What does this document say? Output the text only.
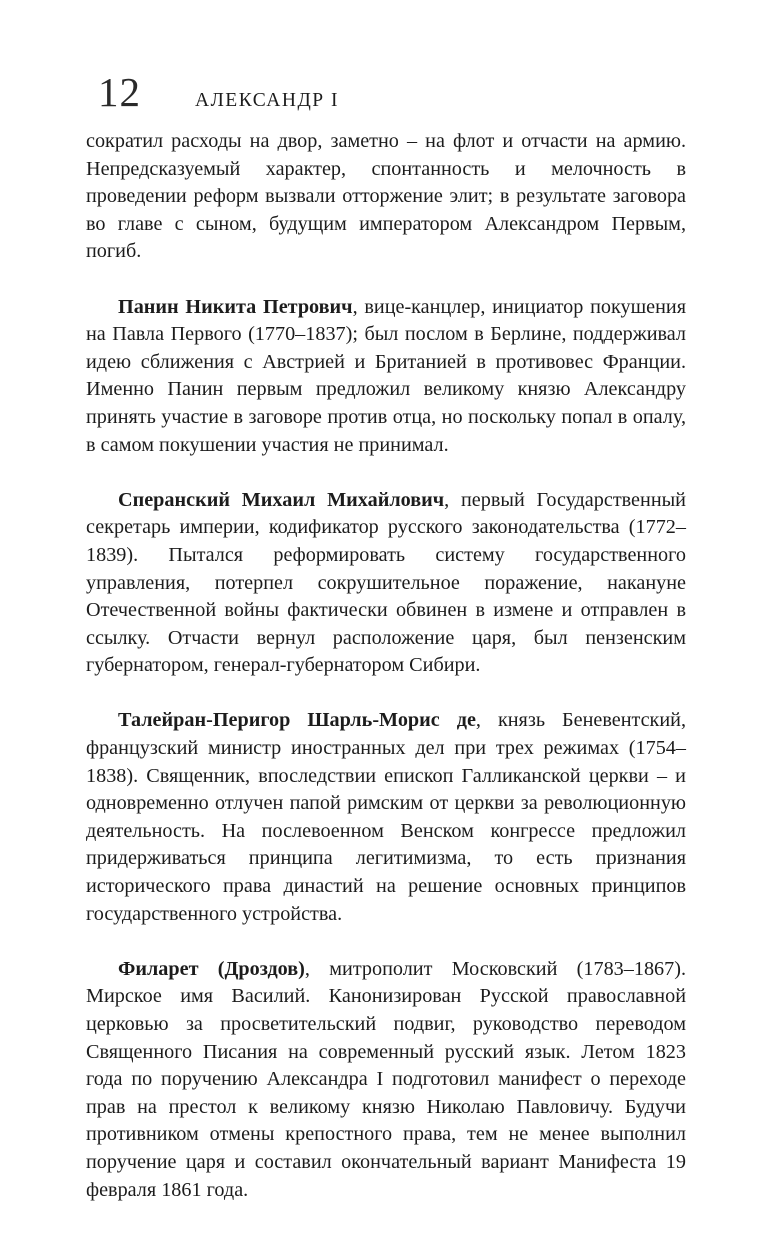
12	АЛЕКСАНДР I

сократил расходы на двор, заметно – на флот и отчасти на армию. Непредсказуемый характер, спонтанность и мелочность в проведении реформ вызвали отторжение элит; в результате заговора во главе с сыном, будущим императором Александром Первым, погиб.

Панин Никита Петрович, вице-канцлер, инициатор покушения на Павла Первого (1770–1837); был послом в Берлине, поддерживал идею сближения с Австрией и Британией в противовес Франции. Именно Панин первым предложил великому князю Александру принять участие в заговоре против отца, но поскольку попал в опалу, в самом покушении участия не принимал.

Сперанский Михаил Михайлович, первый Государственный секретарь империи, кодификатор русского законодательства (1772–1839). Пытался реформировать систему государственного управления, потерпел сокрушительное поражение, накануне Отечественной войны фактически обвинен в измене и отправлен в ссылку. Отчасти вернул расположение царя, был пензенским губернатором, генерал-губернатором Сибири.

Талейран-Перигор Шарль-Морис де, князь Беневентский, французский министр иностранных дел при трех режимах (1754–1838). Священник, впоследствии епископ Галликанской церкви – и одновременно отлучен папой римским от церкви за революционную деятельность. На послевоенном Венском конгрессе предложил придерживаться принципа легитимизма, то есть признания исторического права династий на решение основных принципов государственного устройства.

Филарет (Дроздов), митрополит Московский (1783–1867). Мирское имя Василий. Канонизирован Русской православной церковью за просветительский подвиг, руководство переводом Священного Писания на современный русский язык. Летом 1823 года по поручению Александра I подготовил манифест о переходе прав на престол к великому князю Николаю Павловичу. Будучи противником отмены крепостного права, тем не менее выполнил поручение царя и составил окончательный вариант Манифеста 19 февраля 1861 года.
